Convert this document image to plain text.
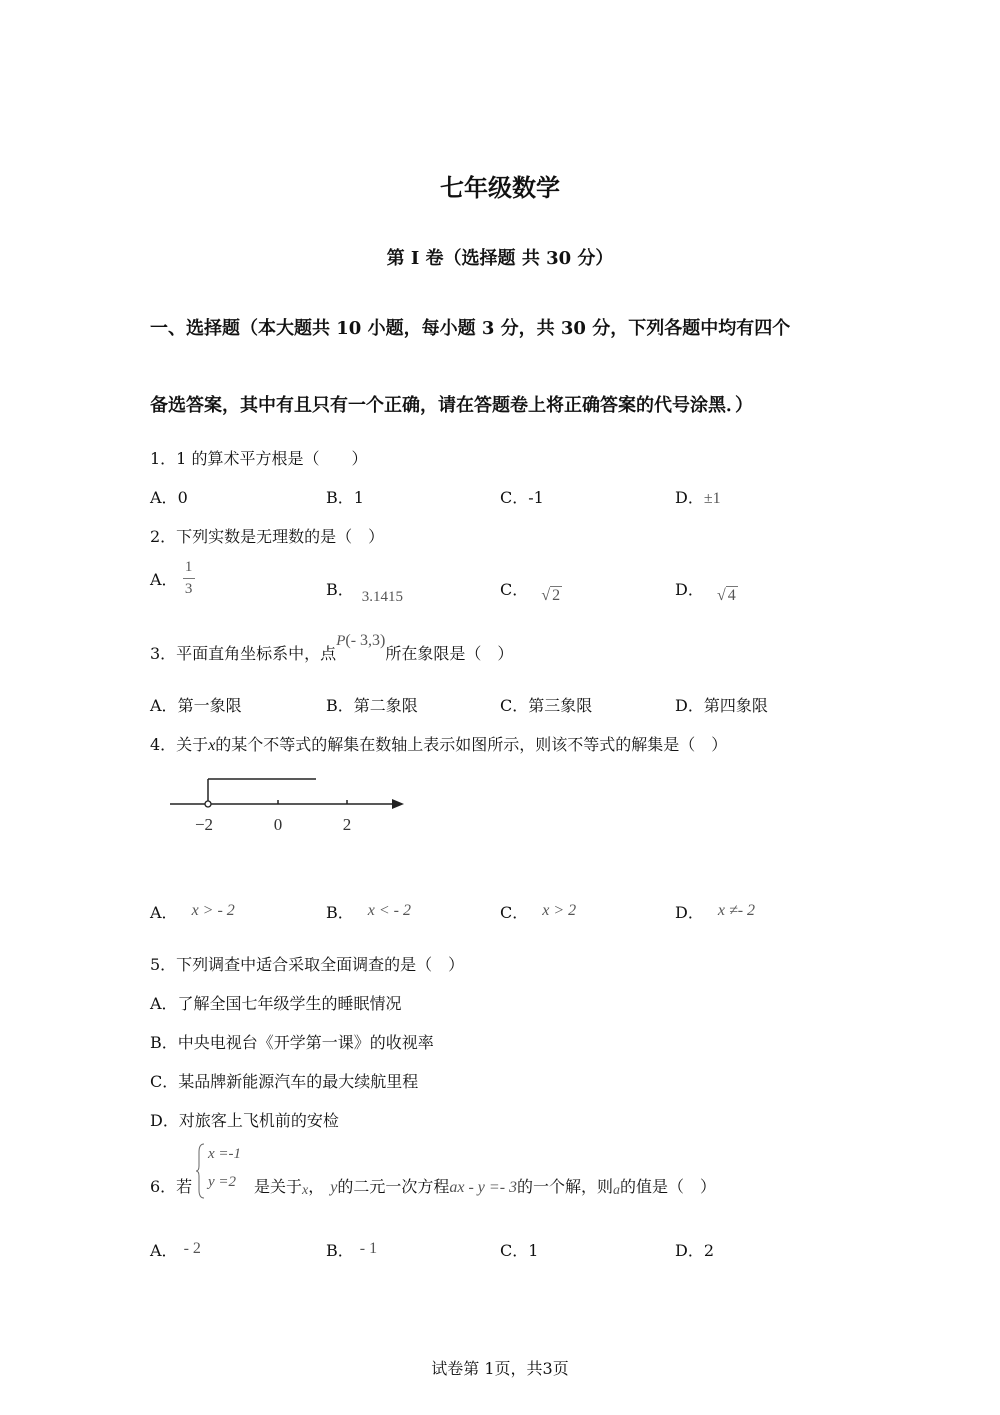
七年级数学
第 I 卷（选择题 共 30 分）
一、选择题（本大题共 10 小题，每小题 3 分，共 30 分，下列各题中均有四个
备选答案，其中有且只有一个正确，请在答题卷上将正确答案的代号涂黑．）
1．1 的算术平方根是（　　）
A．0	B．1	C．-1	D．±1
2．下列实数是无理数的是（　）
A． $\frac{1}{3}$	B． 3.1415	C． √ 2	D． √ 4
3．平面直角坐标系中，点P(- 3,3)所在象限是（　）
A．第一象限	B．第二象限	C．第三象限	D．第四象限
4．关于x的某个不等式的解集在数轴上表示如图所示，则该不等式的解集是（　）
−2	0	2
A． x > - 2	B． x < - 2	C． x > 2	D． x ≠- 2
5．下列调查中适合采取全面调查的是（　）
A．了解全国七年级学生的睡眠情况
B．中央电视台《开学第一课》的收视率
C．某品牌新能源汽车的最大续航里程
D．对旅客上飞机前的安检
6．若
x =-1
y =2 是关于x， y的二元一次方程ax - y =- 3的一个解，则a的值是（　）
A． - 2	B． - 1	C．1	D．2
试卷第 1页，共3页
